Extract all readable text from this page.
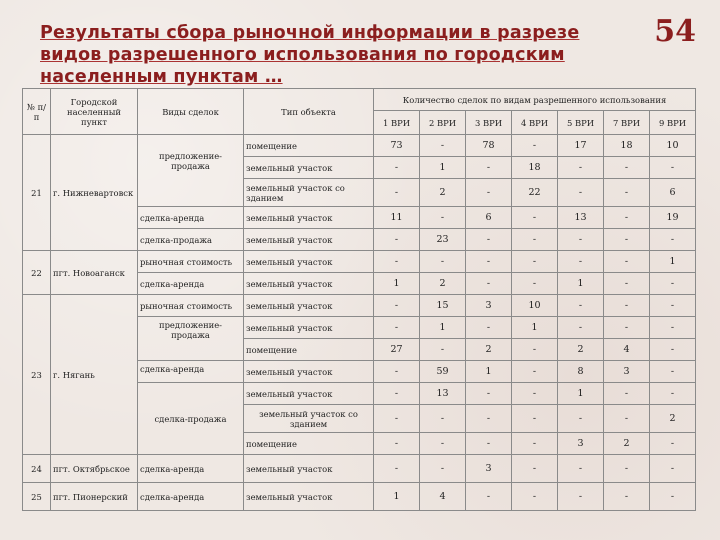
Результаты сбора рыночной информации в разрезе видов разрешенного использования по городским населенным пунктам …
54
№ п/п	Городской населенный пункт	Виды сделок	Тип объекта	Количество сделок по видам разрешенного использования						
				1 ВРИ	2 ВРИ	3 ВРИ	4 ВРИ	5 ВРИ	7 ВРИ	9 ВРИ
21	г. Нижневартовск	предложение-продажа	помещение	73	-	78	-	17	18	10
			земельный участок	-	1	-	18	-	-	-
			земельный участок со зданием	-	2	-	22	-	-	6
		сделка-аренда	земельный участок	11	-	6	-	13	-	19
		сделка-продажа	земельный участок	-	23	-	-	-	-	-
22	пгт. Новоаганск	рыночная стоимость	земельный участок	-	-	-	-	-	-	1
		сделка-аренда	земельный участок	1	2	-	-	1	-	-
23	г. Нягань	рыночная стоимость	земельный участок	-	15	3	10	-	-	-
		предложение-продажа	земельный участок	-	1	-	1	-	-	-
			помещение	27	-	2	-	2	4	-
		сделка-аренда	земельный участок	-	59	1	-	8	3	-
		сделка-продажа	земельный участок	-	13	-	-	1	-	-
			земельный участок со зданием	-	-	-	-	-	-	2
			помещение	-	-	-	-	3	2	-
24	пгт. Октябрьское	сделка-аренда	земельный участок	-	-	3	-	-	-	-
25	пгт. Пионерский	сделка-аренда	земельный участок	1	4	-	-	-	-	-
